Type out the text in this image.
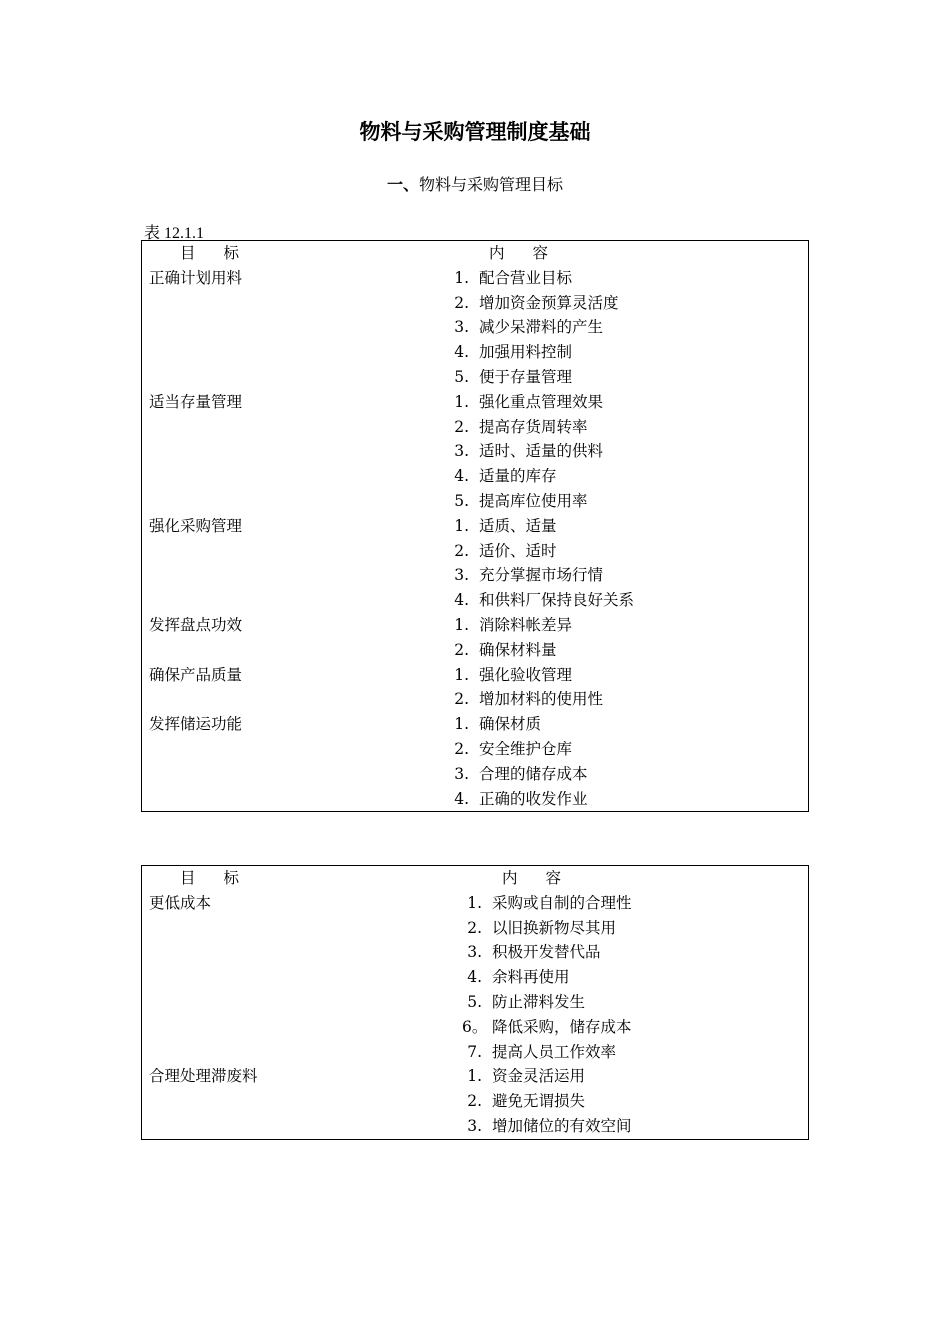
物料与采购管理制度基础
一、物料与采购管理目标
表 12.1.1
目 标	内 容
正确计划用料	1. 配合营业目标
2. 增加资金预算灵活度
3. 减少呆滞料的产生
4. 加强用料控制
5. 便于存量管理
适当存量管理	1. 强化重点管理效果
2. 提高存货周转率
3. 适时、适量的供料
4. 适量的库存
5. 提高库位使用率
强化采购管理	1. 适质、适量
2. 适价、适时
3. 充分掌握市场行情
4. 和供料厂保持良好关系
发挥盘点功效	1. 消除料帐差异
2. 确保材料量
确保产品质量	1. 强化验收管理
2. 增加材料的使用性
发挥储运功能	1. 确保材质
2. 安全维护仓库
3. 合理的储存成本
4. 正确的收发作业
目 标	内 容
更低成本	1. 采购或自制的合理性
2. 以旧换新物尽其用
3. 积极开发替代品
4. 余料再使用
5. 防止滞料发生
6。 降低采购，储存成本
7. 提高人员工作效率
合理处理滞废料	1. 资金灵活运用
2. 避免无谓损失
3. 增加储位的有效空间
